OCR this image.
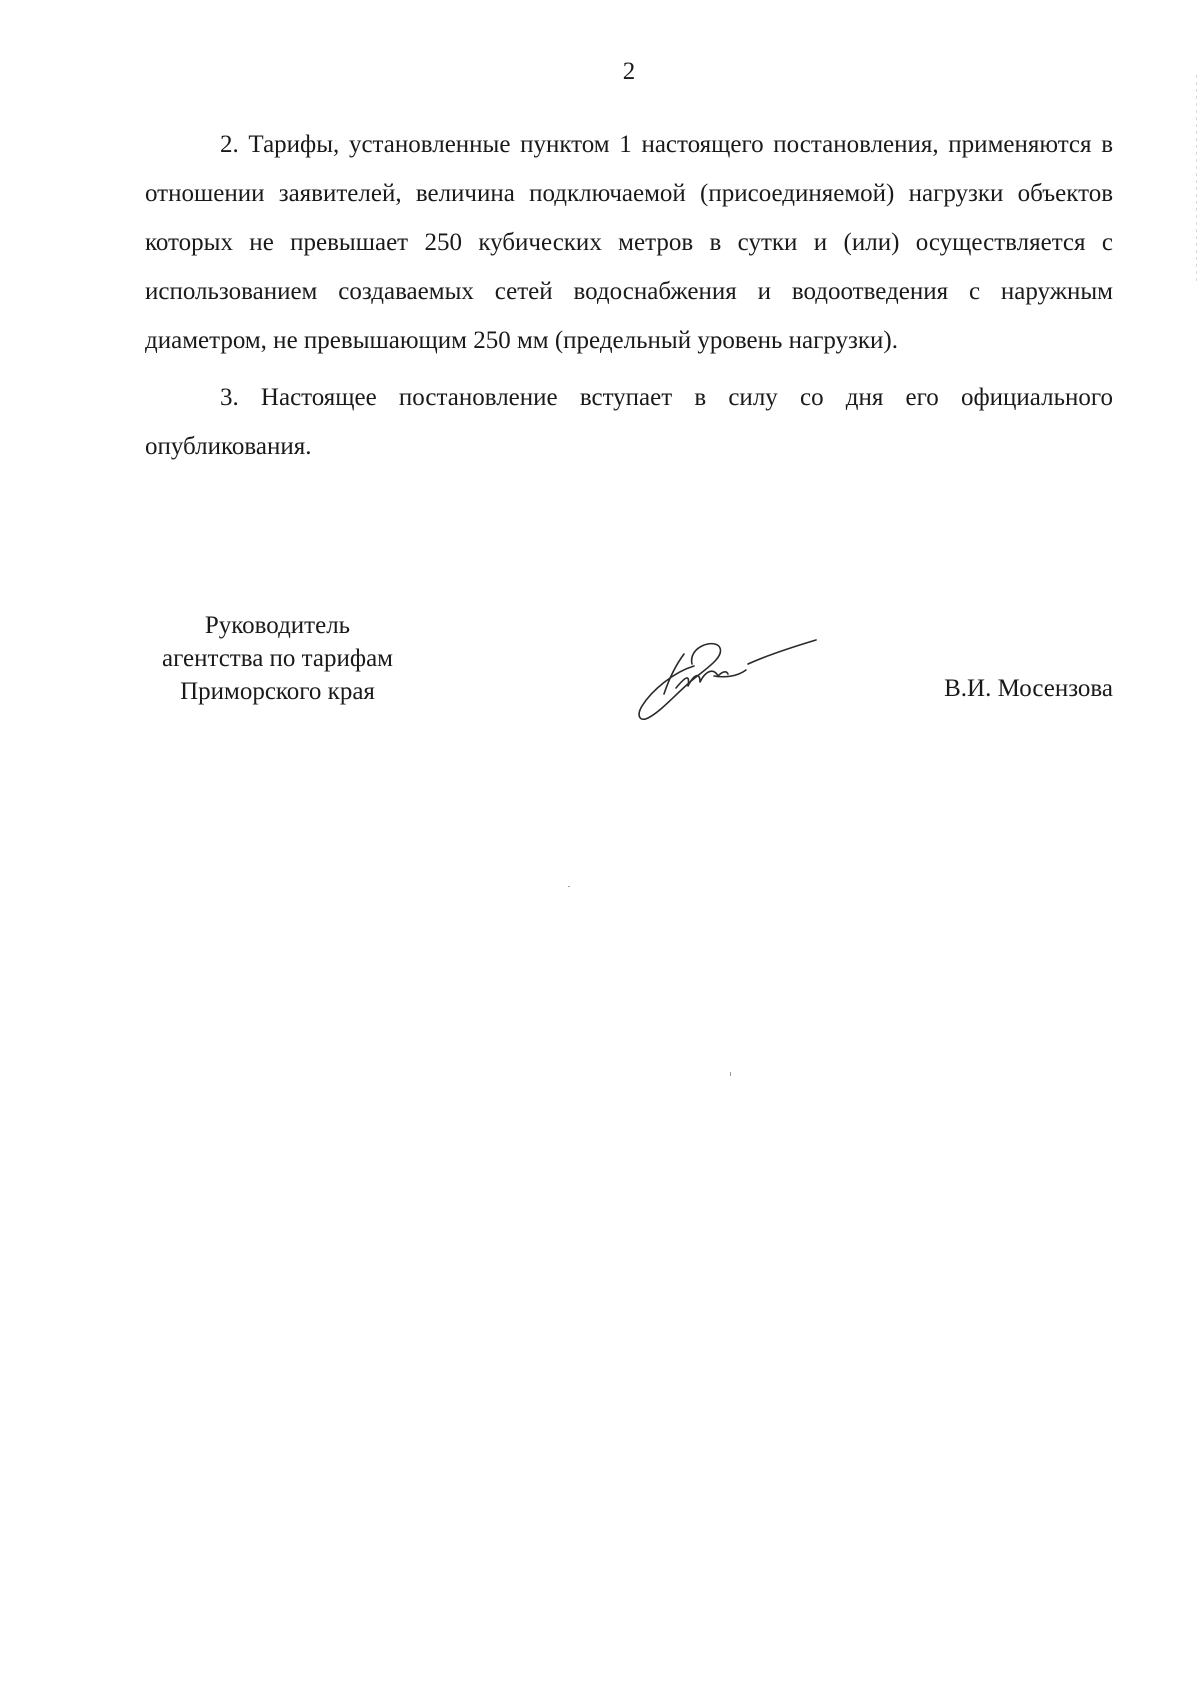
2

2. Тарифы, установленные пунктом 1 настоящего постановления, применяются в отношении заявителей, величина подключаемой (присоединяемой) нагрузки объектов которых не превышает 250 кубических метров в сутки и (или) осуществляется с использованием создаваемых сетей водоснабжения и водоотведения с наружным диаметром, не превышающим 250 мм (предельный уровень нагрузки).

3. Настоящее постановление вступает в силу со дня его официального опубликования.

Руководитель
агентства по тарифам
Приморского края	В.И. Мосензова
